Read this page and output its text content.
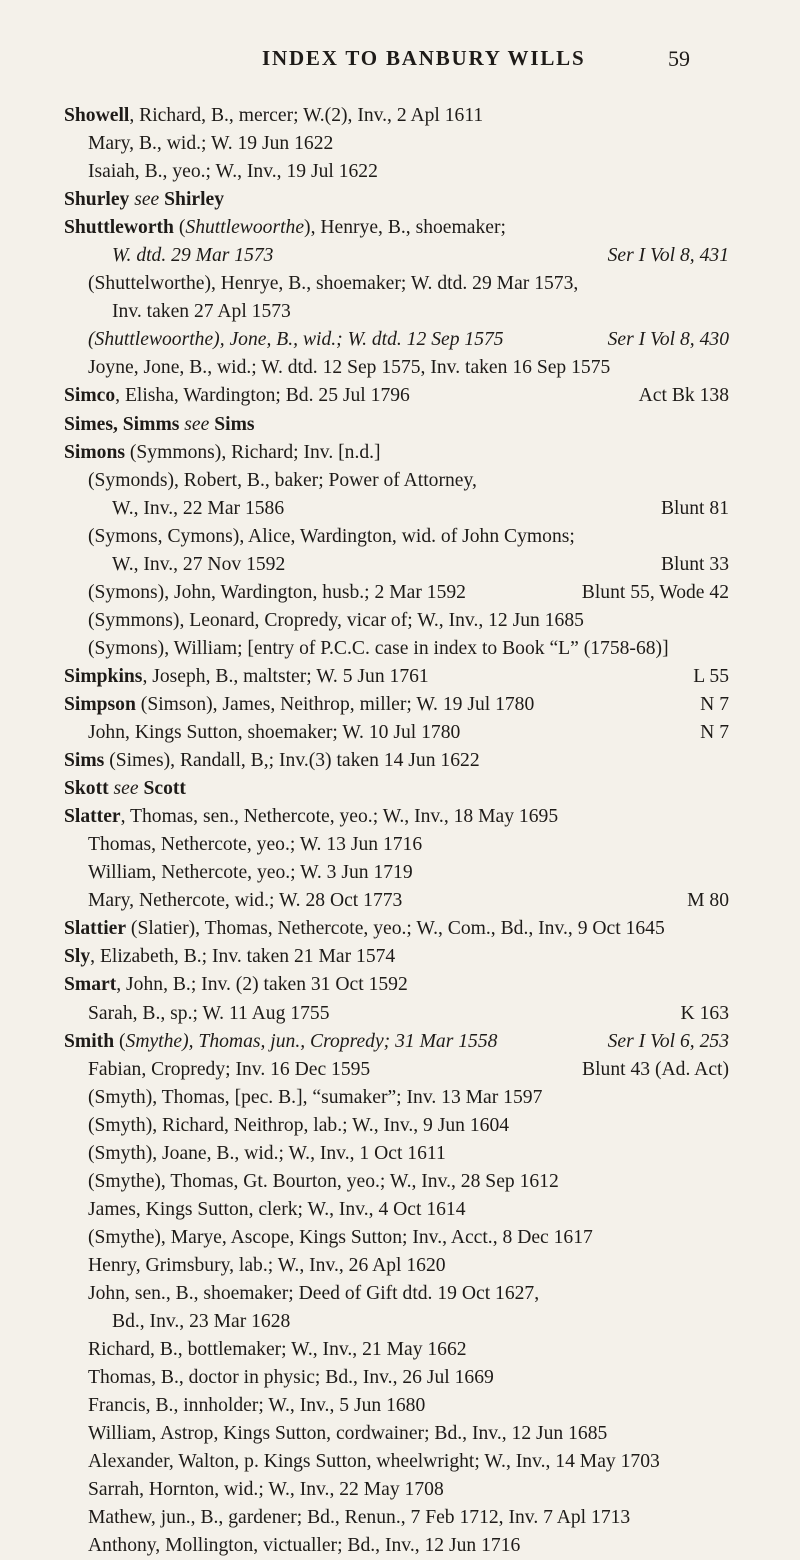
INDEX TO BANBURY WILLS	59
Showell, Richard, B., mercer; W.(2), Inv., 2 Apl 1611
Mary, B., wid.; W. 19 Jun 1622
Isaiah, B., yeo.; W., Inv., 19 Jul 1622
Shurley see Shirley
Shuttleworth (Shuttlewoorthe), Henrye, B., shoemaker;
W. dtd. 29 Mar 1573	Ser I Vol 8, 431
(Shuttelworthe), Henrye, B., shoemaker; W. dtd. 29 Mar 1573,
Inv. taken 27 Apl 1573
(Shuttlewoorthe), Jone, B., wid.; W. dtd. 12 Sep 1575	Ser I Vol 8, 430
Joyne, Jone, B., wid.; W. dtd. 12 Sep 1575, Inv. taken 16 Sep 1575
Simco, Elisha, Wardington; Bd. 25 Jul 1796	Act Bk 138
Simes, Simms see Sims
Simons (Symmons), Richard; Inv. [n.d.]
(Symonds), Robert, B., baker; Power of Attorney,
W., Inv., 22 Mar 1586	Blunt 81
(Symons, Cymons), Alice, Wardington, wid. of John Cymons;
W., Inv., 27 Nov 1592	Blunt 33
(Symons), John, Wardington, husb.; 2 Mar 1592	Blunt 55, Wode 42
(Symmons), Leonard, Cropredy, vicar of; W., Inv., 12 Jun 1685
(Symons), William; [entry of P.C.C. case in index to Book “L” (1758-68)]
Simpkins, Joseph, B., maltster; W. 5 Jun 1761	L 55
Simpson (Simson), James, Neithrop, miller; W. 19 Jul 1780	N 7
John, Kings Sutton, shoemaker; W. 10 Jul 1780	N 7
Sims (Simes), Randall, B,; Inv.(3) taken 14 Jun 1622
Skott see Scott
Slatter, Thomas, sen., Nethercote, yeo.; W., Inv., 18 May 1695
Thomas, Nethercote, yeo.; W. 13 Jun 1716
William, Nethercote, yeo.; W. 3 Jun 1719
Mary, Nethercote, wid.; W. 28 Oct 1773	M 80
Slattier (Slatier), Thomas, Nethercote, yeo.; W., Com., Bd., Inv., 9 Oct 1645
Sly, Elizabeth, B.; Inv. taken 21 Mar 1574
Smart, John, B.; Inv. (2) taken 31 Oct 1592
Sarah, B., sp.; W. 11 Aug 1755	K 163
Smith (Smythe), Thomas, jun., Cropredy; 31 Mar 1558	Ser I Vol 6, 253
Fabian, Cropredy; Inv. 16 Dec 1595	Blunt 43 (Ad. Act)
(Smyth), Thomas, [pec. B.], “sumaker”; Inv. 13 Mar 1597
(Smyth), Richard, Neithrop, lab.; W., Inv., 9 Jun 1604
(Smyth), Joane, B., wid.; W., Inv., 1 Oct 1611
(Smythe), Thomas, Gt. Bourton, yeo.; W., Inv., 28 Sep 1612
James, Kings Sutton, clerk; W., Inv., 4 Oct 1614
(Smythe), Marye, Ascope, Kings Sutton; Inv., Acct., 8 Dec 1617
Henry, Grimsbury, lab.; W., Inv., 26 Apl 1620
John, sen., B., shoemaker; Deed of Gift dtd. 19 Oct 1627,
Bd., Inv., 23 Mar 1628
Richard, B., bottlemaker; W., Inv., 21 May 1662
Thomas, B., doctor in physic; Bd., Inv., 26 Jul 1669
Francis, B., innholder; W., Inv., 5 Jun 1680
William, Astrop, Kings Sutton, cordwainer; Bd., Inv., 12 Jun 1685
Alexander, Walton, p. Kings Sutton, wheelwright; W., Inv., 14 May 1703
Sarrah, Hornton, wid.; W., Inv., 22 May 1708
Mathew, jun., B., gardener; Bd., Renun., 7 Feb 1712, Inv. 7 Apl 1713
Anthony, Mollington, victualler; Bd., Inv., 12 Jun 1716
